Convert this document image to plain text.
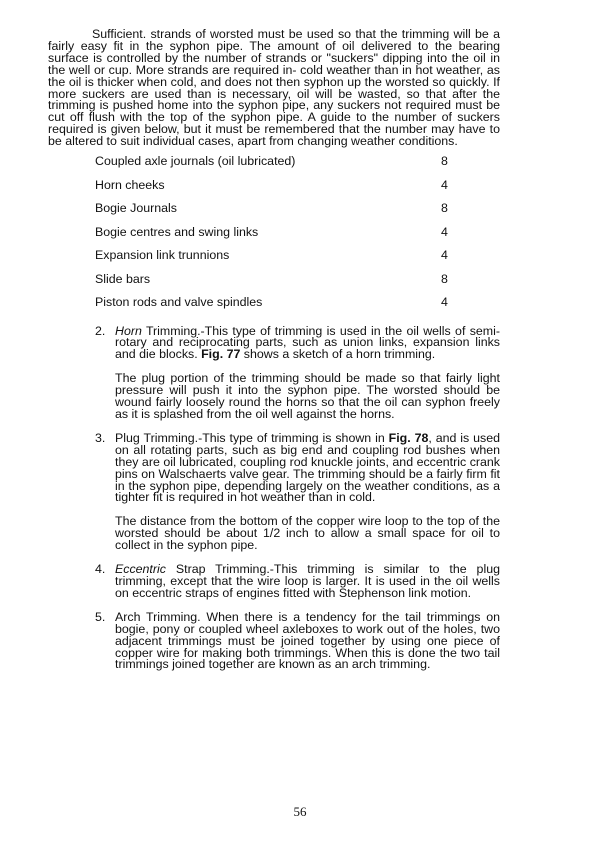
Sufficient. strands of worsted must be used so that the trimming will be a fairly easy fit in the syphon pipe. The amount of oil delivered to the bearing surface is controlled by the number of strands or "suckers" dipping into the oil in the well or cup. More strands are required in- cold weather than in hot weather, as the oil is thicker when cold, and does not then syphon up the worsted so quickly. If more suckers are used than is necessary, oil will be wasted, so that after the trimming is pushed home into the syphon pipe, any suckers not required must be cut off flush with the top of the syphon pipe. A guide to the number of suckers required is given below, but it must be remembered that the number may have to be altered to suit individual cases, apart from changing weather conditions.

Coupled axle journals (oil lubricated)	8
Horn cheeks	4
Bogie Journals	8
Bogie centres and swing links	4
Expansion link trunnions	4
Slide bars	8
Piston rods and valve spindles	4
2. Horn Trimming.-This type of trimming is used in the oil wells of semi-rotary and reciprocating parts, such as union links, expansion links and die blocks. Fig. 77 shows a sketch of a horn trimming.

The plug portion of the trimming should be made so that fairly light pressure will push it into the syphon pipe. The worsted should be wound fairly loosely round the horns so that the oil can syphon freely as it is splashed from the oil well against the horns.

3. Plug Trimming.-This type of trimming is shown in Fig. 78, and is used on all rotating parts, such as big end and coupling rod bushes when they are oil lubricated, coupling rod knuckle joints, and eccentric crank pins on Walschaerts valve gear. The trimming should be a fairly firm fit in the syphon pipe, depending largely on the weather conditions, as a tighter fit is required in hot weather than in cold.

The distance from the bottom of the copper wire loop to the top of the worsted should be about 1/2 inch to allow a small space for oil to collect in the syphon pipe.

4. Eccentric Strap Trimming.-This trimming is similar to the plug trimming, except that the wire loop is larger. It is used in the oil wells on eccentric straps of engines fitted with Stephenson link motion.

5. Arch Trimming. When there is a tendency for the tail trimmings on bogie, pony or coupled wheel axleboxes to work out of the holes, two adjacent trimmings must be joined together by using one piece of copper wire for making both trimmings. When this is done the two tail trimmings joined together are known as an arch trimming.

56
